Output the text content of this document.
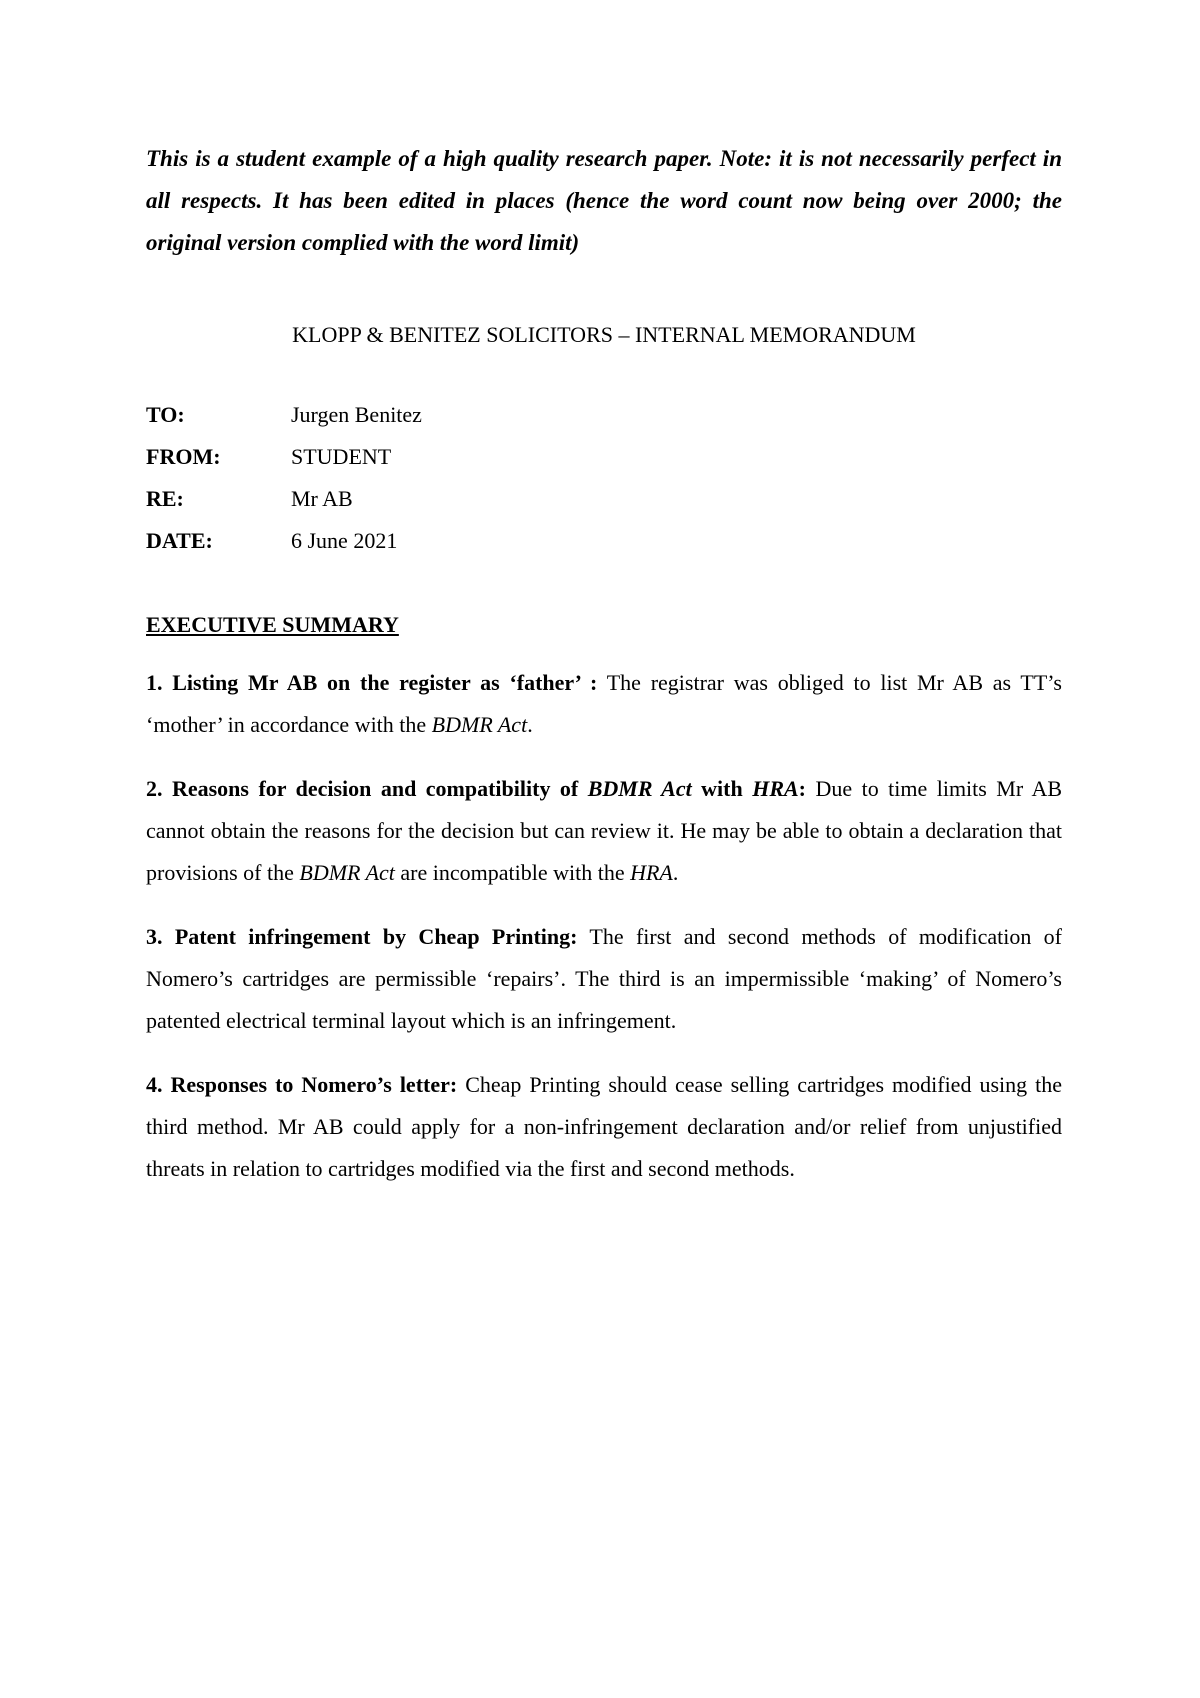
This is a student example of a high quality research paper. Note: it is not necessarily perfect in all respects. It has been edited in places (hence the word count now being over 2000; the original version complied with the word limit)

KLOPP & BENITEZ SOLICITORS – INTERNAL MEMORANDUM
TO:	Jurgen Benitez
FROM:	STUDENT
RE:	Mr AB
DATE:	6 June 2021
EXECUTIVE SUMMARY

1. Listing Mr AB on the register as ‘father’ : The registrar was obliged to list Mr AB as TT’s ‘mother’ in accordance with the BDMR Act.

2. Reasons for decision and compatibility of BDMR Act with HRA: Due to time limits Mr AB cannot obtain the reasons for the decision but can review it. He may be able to obtain a declaration that provisions of the BDMR Act are incompatible with the HRA.

3. Patent infringement by Cheap Printing: The first and second methods of modification of Nomero’s cartridges are permissible ‘repairs’. The third is an impermissible ‘making’ of Nomero’s patented electrical terminal layout which is an infringement.

4. Responses to Nomero’s letter: Cheap Printing should cease selling cartridges modified using the third method. Mr AB could apply for a non-infringement declaration and/or relief from unjustified threats in relation to cartridges modified via the first and second methods.
